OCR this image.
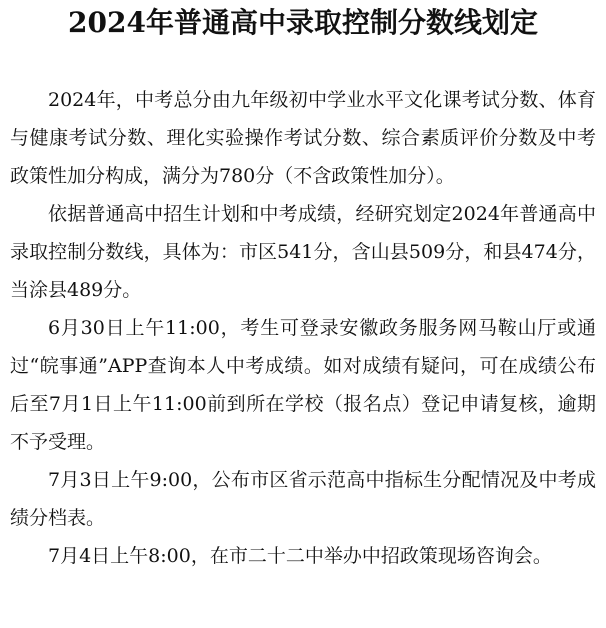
2024年普通高中录取控制分数线划定

2024年，中考总分由九年级初中学业水平文化课考试分数、体育与健康考试分数、理化实验操作考试分数、综合素质评价分数及中考政策性加分构成，满分为780分（不含政策性加分）。

依据普通高中招生计划和中考成绩，经研究划定2024年普通高中录取控制分数线，具体为：市区541分，含山县509分，和县474分，当涂县489分。

6月30日上午11:00，考生可登录安徽政务服务网马鞍山厅或通过“皖事通”APP查询本人中考成绩。如对成绩有疑问，可在成绩公布后至7月1日上午11:00前到所在学校（报名点）登记申请复核，逾期不予受理。

7月3日上午9:00，公布市区省示范高中指标生分配情况及中考成绩分档表。

7月4日上午8:00，在市二十二中举办中招政策现场咨询会。
